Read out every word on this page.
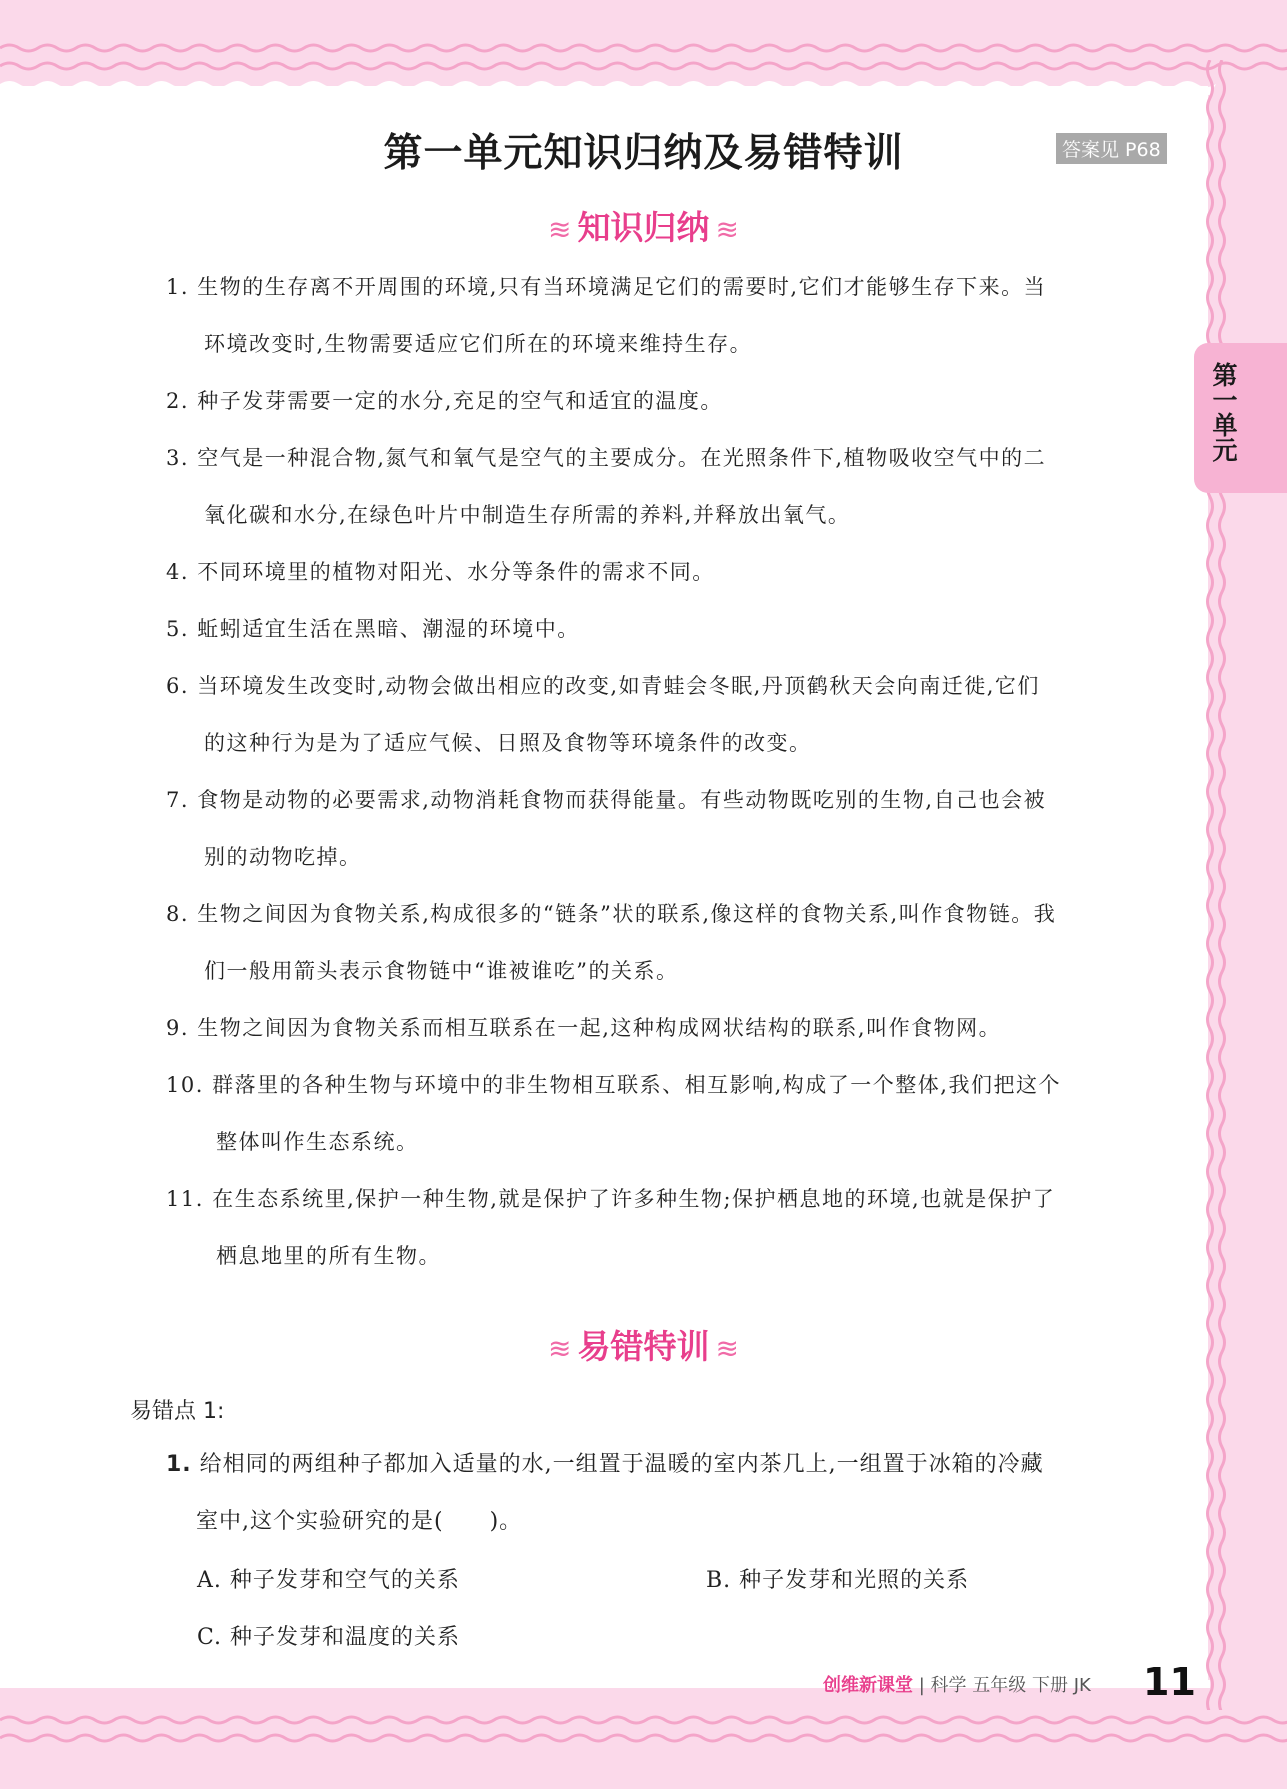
第一单元知识归纳及易错特训	答案见 P68
第一单元
≋ 知识归纳 ≋
1. 生物的生存离不开周围的环境,只有当环境满足它们的需要时,它们才能够生存下来。当
环境改变时,生物需要适应它们所在的环境来维持生存。
2. 种子发芽需要一定的水分,充足的空气和适宜的温度。
3. 空气是一种混合物,氮气和氧气是空气的主要成分。在光照条件下,植物吸收空气中的二
氧化碳和水分,在绿色叶片中制造生存所需的养料,并释放出氧气。
4. 不同环境里的植物对阳光、水分等条件的需求不同。
5. 蚯蚓适宜生活在黑暗、潮湿的环境中。
6. 当环境发生改变时,动物会做出相应的改变,如青蛙会冬眠,丹顶鹤秋天会向南迁徙,它们
的这种行为是为了适应气候、日照及食物等环境条件的改变。
7. 食物是动物的必要需求,动物消耗食物而获得能量。有些动物既吃别的生物,自己也会被
别的动物吃掉。
8. 生物之间因为食物关系,构成很多的“链条”状的联系,像这样的食物关系,叫作食物链。我
们一般用箭头表示食物链中“谁被谁吃”的关系。
9. 生物之间因为食物关系而相互联系在一起,这种构成网状结构的联系,叫作食物网。
10. 群落里的各种生物与环境中的非生物相互联系、相互影响,构成了一个整体,我们把这个
整体叫作生态系统。
11. 在生态系统里,保护一种生物,就是保护了许多种生物;保护栖息地的环境,也就是保护了
栖息地里的所有生物。
≋ 易错特训 ≋
易错点 1:
1. 给相同的两组种子都加入适量的水,一组置于温暖的室内茶几上,一组置于冰箱的冷藏
室中,这个实验研究的是(　　)。
A. 种子发芽和空气的关系	B. 种子发芽和光照的关系
C. 种子发芽和温度的关系
创维新课堂 | 科学 五年级 下册 JK 11
